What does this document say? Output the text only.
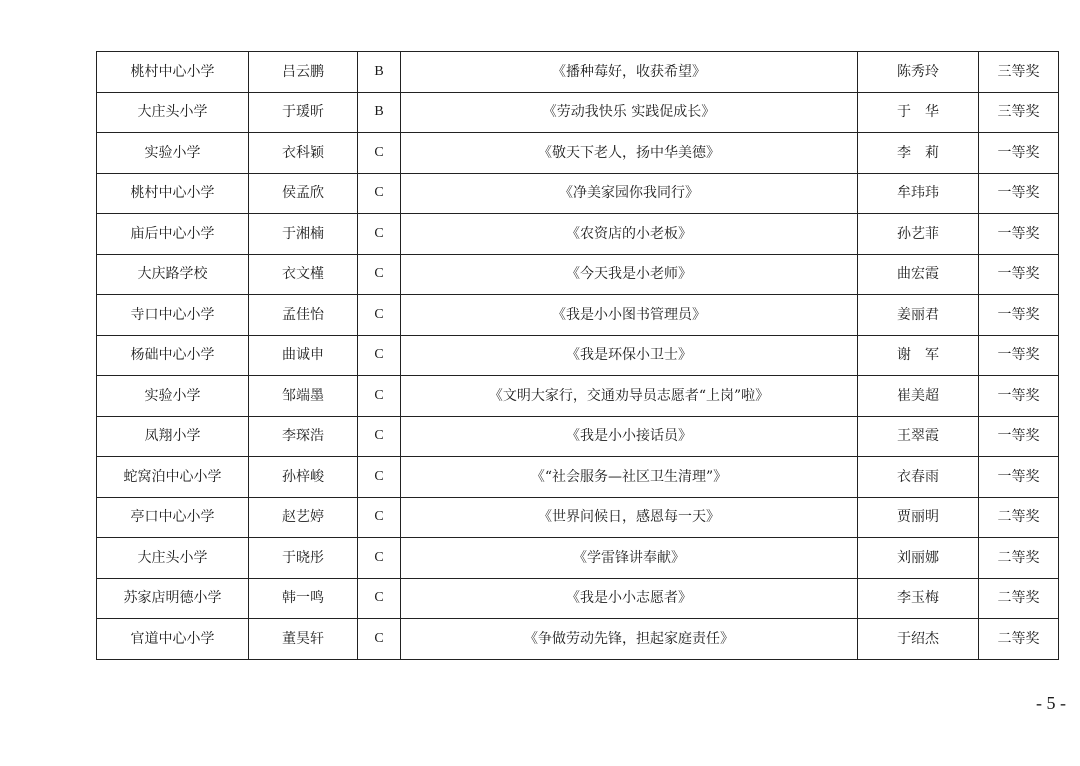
桃村中心小学	吕云鹏	B	《播种莓好，收获希望》	陈秀玲	三等奖
大庄头小学	于瑗昕	B	《劳动我快乐 实践促成长》	于　华	三等奖
实验小学	衣科颖	C	《敬天下老人，扬中华美德》	李　莉	一等奖
桃村中心小学	侯孟欣	C	《净美家园你我同行》	牟玮玮	一等奖
庙后中心小学	于湘楠	C	《农资店的小老板》	孙艺菲	一等奖
大庆路学校	衣文槿	C	《今天我是小老师》	曲宏霞	一等奖
寺口中心小学	孟佳怡	C	《我是小小图书管理员》	姜丽君	一等奖
杨础中心小学	曲诚申	C	《我是环保小卫士》	谢　军	一等奖
实验小学	邹端墨	C	《文明大家行，交通劝导员志愿者“上岗”啦》	崔美超	一等奖
凤翔小学	李琛浩	C	《我是小小接话员》	王翠霞	一等奖
蛇窝泊中心小学	孙梓峻	C	《“社会服务—社区卫生清理”》	衣春雨	一等奖
亭口中心小学	赵艺婷	C	《世界问候日，感恩每一天》	贾丽明	二等奖
大庄头小学	于晓彤	C	《学雷锋讲奉献》	刘丽娜	二等奖
苏家店明德小学	韩一鸣	C	《我是小小志愿者》	李玉梅	二等奖
官道中心小学	董昊轩	C	《争做劳动先锋，担起家庭责任》	于绍杰	二等奖
- 5 -
